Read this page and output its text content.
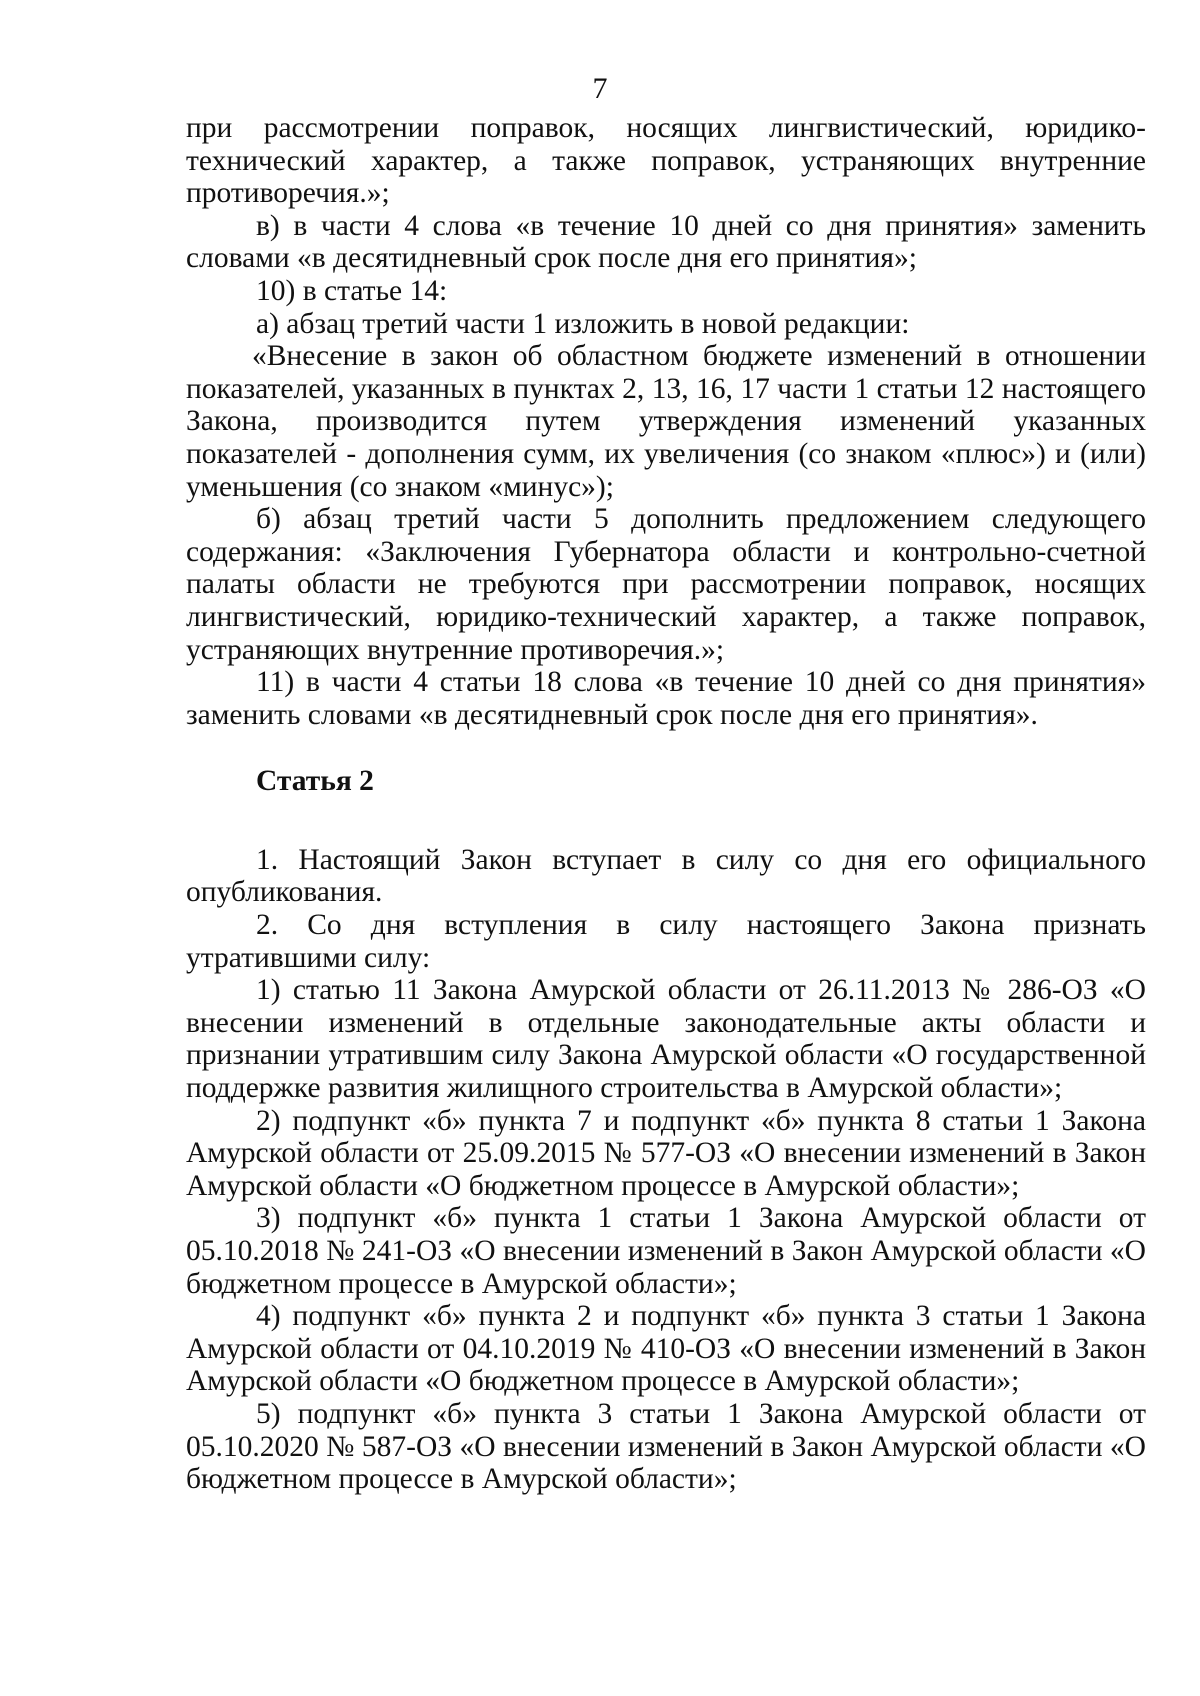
7

при рассмотрении поправок, носящих лингвистический, юридико-технический характер, а также поправок, устраняющих внутренние противоречия.»;

в) в части 4 слова «в течение 10 дней со дня принятия» заменить словами «в десятидневный срок после дня его принятия»;

10) в статье 14:

а) абзац третий части 1 изложить в новой редакции:

«Внесение в закон об областном бюджете изменений в отношении показателей, указанных в пунктах 2, 13, 16, 17 части 1 статьи 12 настоящего Закона, производится путем утверждения изменений указанных показателей - дополнения сумм, их увеличения (со знаком «плюс») и (или) уменьшения (со знаком «минус»);

б) абзац третий части 5 дополнить предложением следующего содержания: «Заключения Губернатора области и контрольно-счетной палаты области не требуются при рассмотрении поправок, носящих лингвистический, юридико-технический характер, а также поправок, устраняющих внутренние противоречия.»;

11) в части 4 статьи 18 слова «в течение 10 дней со дня принятия» заменить словами «в десятидневный срок после дня его принятия».

Статья 2

1. Настоящий Закон вступает в силу со дня его официального опубликования.

2. Со дня вступления в силу настоящего Закона признать утратившими силу:

1) статью 11 Закона Амурской области от 26.11.2013 № 286-ОЗ «О внесении изменений в отдельные законодательные акты области и признании утратившим силу Закона Амурской области «О государственной поддержке развития жилищного строительства в Амурской области»;

2) подпункт «б» пункта 7 и подпункт «б» пункта 8 статьи 1 Закона Амурской области от 25.09.2015 № 577-ОЗ «О внесении изменений в Закон Амурской области «О бюджетном процессе в Амурской области»;

3) подпункт «б» пункта 1 статьи 1 Закона Амурской области от 05.10.2018 № 241-ОЗ «О внесении изменений в Закон Амурской области «О бюджетном процессе в Амурской области»;

4) подпункт «б» пункта 2 и подпункт «б» пункта 3 статьи 1 Закона Амурской области от 04.10.2019 № 410-ОЗ «О внесении изменений в Закон Амурской области «О бюджетном процессе в Амурской области»;

5) подпункт «б» пункта 3 статьи 1 Закона Амурской области от 05.10.2020 № 587-ОЗ «О внесении изменений в Закон Амурской области «О бюджетном процессе в Амурской области»;
